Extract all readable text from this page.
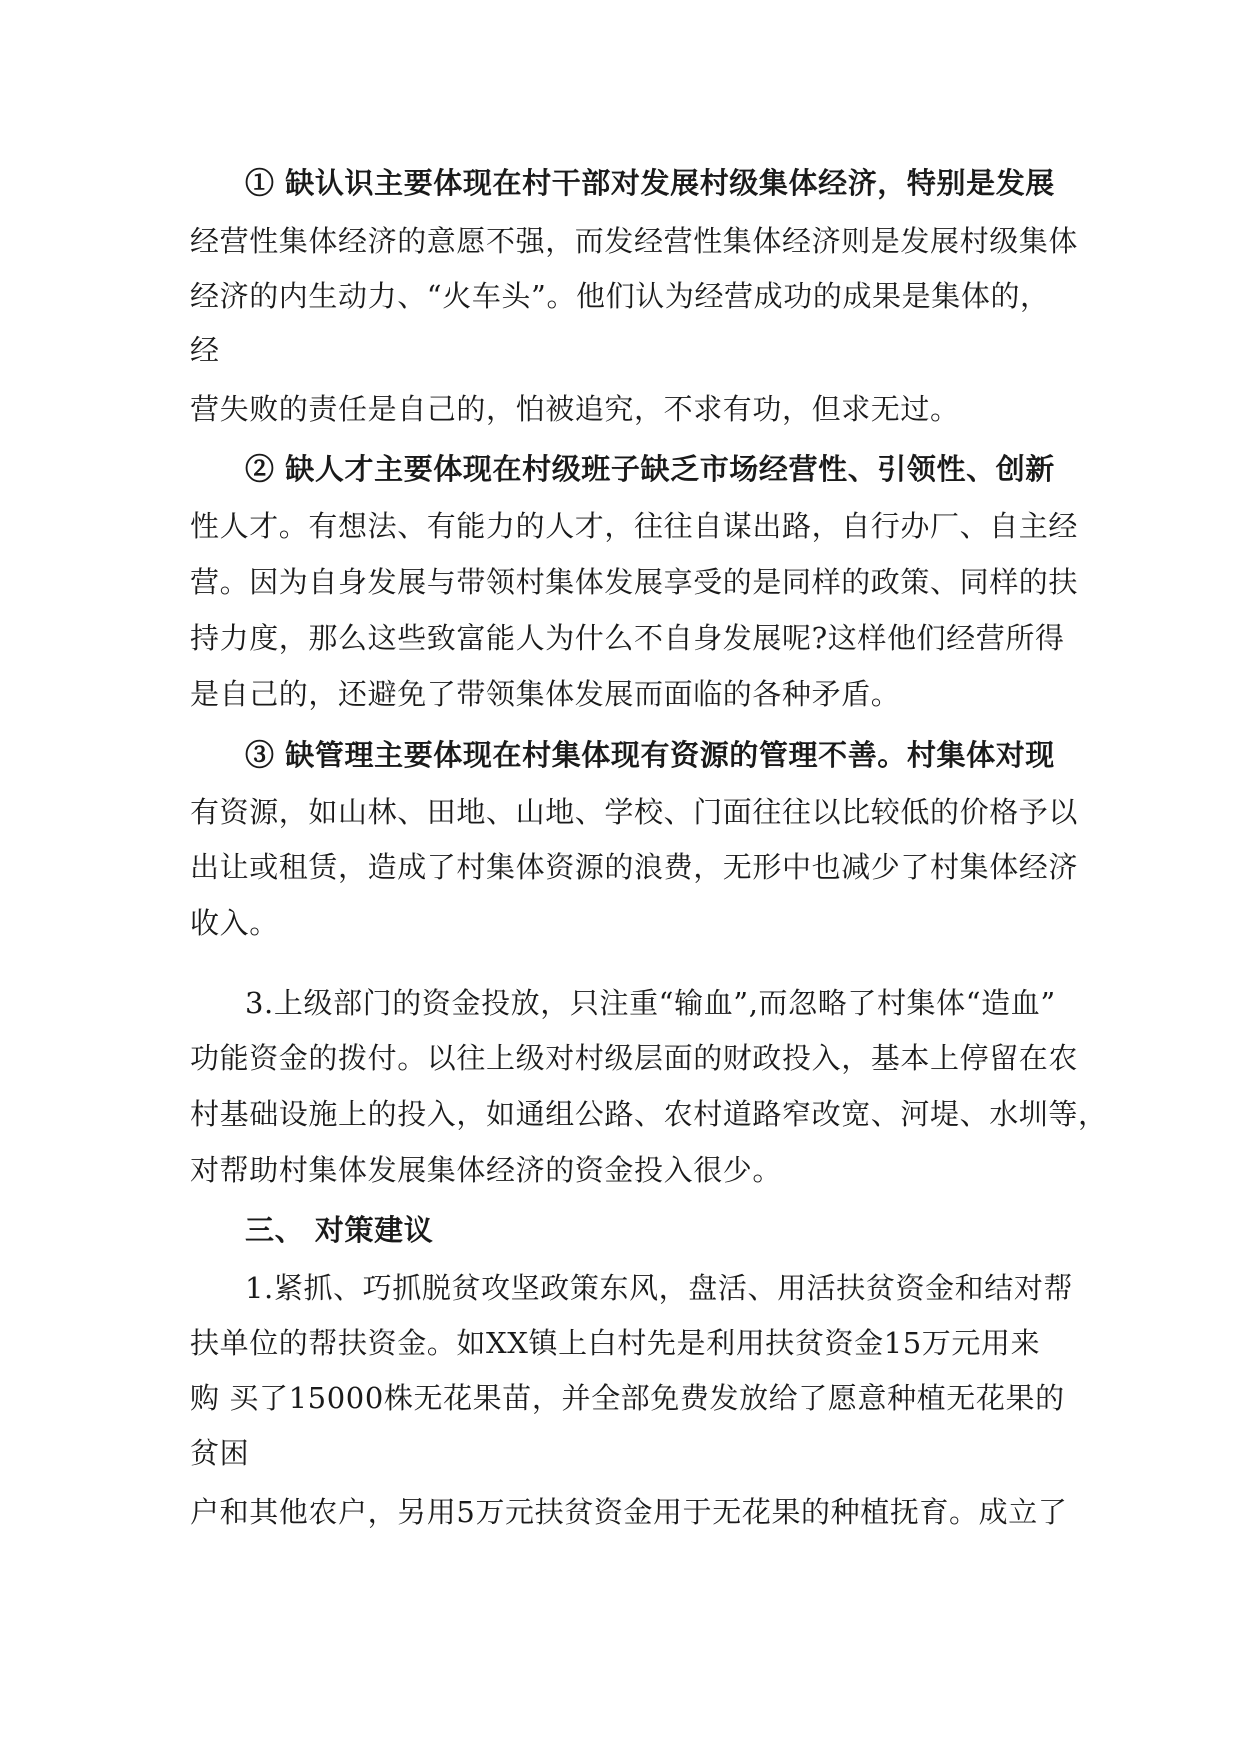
① 缺认识主要体现在村干部对发展村级集体经济，特别是发展

经营性集体经济的意愿不强，而发经营性集体经济则是发展村级集体

经济的内生动力、“火车头”。他们认为经营成功的成果是集体的，

经

营失败的责任是自己的，怕被追究，不求有功，但求无过。

② 缺人才主要体现在村级班子缺乏市场经营性、引领性、创新

性人才。有想法、有能力的人才，往往自谋出路，自行办厂、自主经

营。因为自身发展与带领村集体发展享受的是同样的政策、同样的扶

持力度，那么这些致富能人为什么不自身发展呢?这样他们经营所得

是自己的，还避免了带领集体发展而面临的各种矛盾。

③ 缺管理主要体现在村集体现有资源的管理不善。村集体对现

有资源，如山林、田地、山地、学校、门面往往以比较低的价格予以

出让或租赁，造成了村集体资源的浪费，无形中也减少了村集体经济

收入。

3.上级部门的资金投放，只注重“输血”,而忽略了村集体“造血”

功能资金的拨付。以往上级对村级层面的财政投入，基本上停留在农

村基础设施上的投入，如通组公路、农村道路窄改宽、河堤、水圳等，

对帮助村集体发展集体经济的资金投入很少。

三、 对策建议

1.紧抓、巧抓脱贫攻坚政策东风，盘活、用活扶贫资金和结对帮

扶单位的帮扶资金。如XX镇上白村先是利用扶贫资金15万元用来

购 买了15000株无花果苗，并全部免费发放给了愿意种植无花果的

贫困

户和其他农户，另用5万元扶贫资金用于无花果的种植抚育。成立了
